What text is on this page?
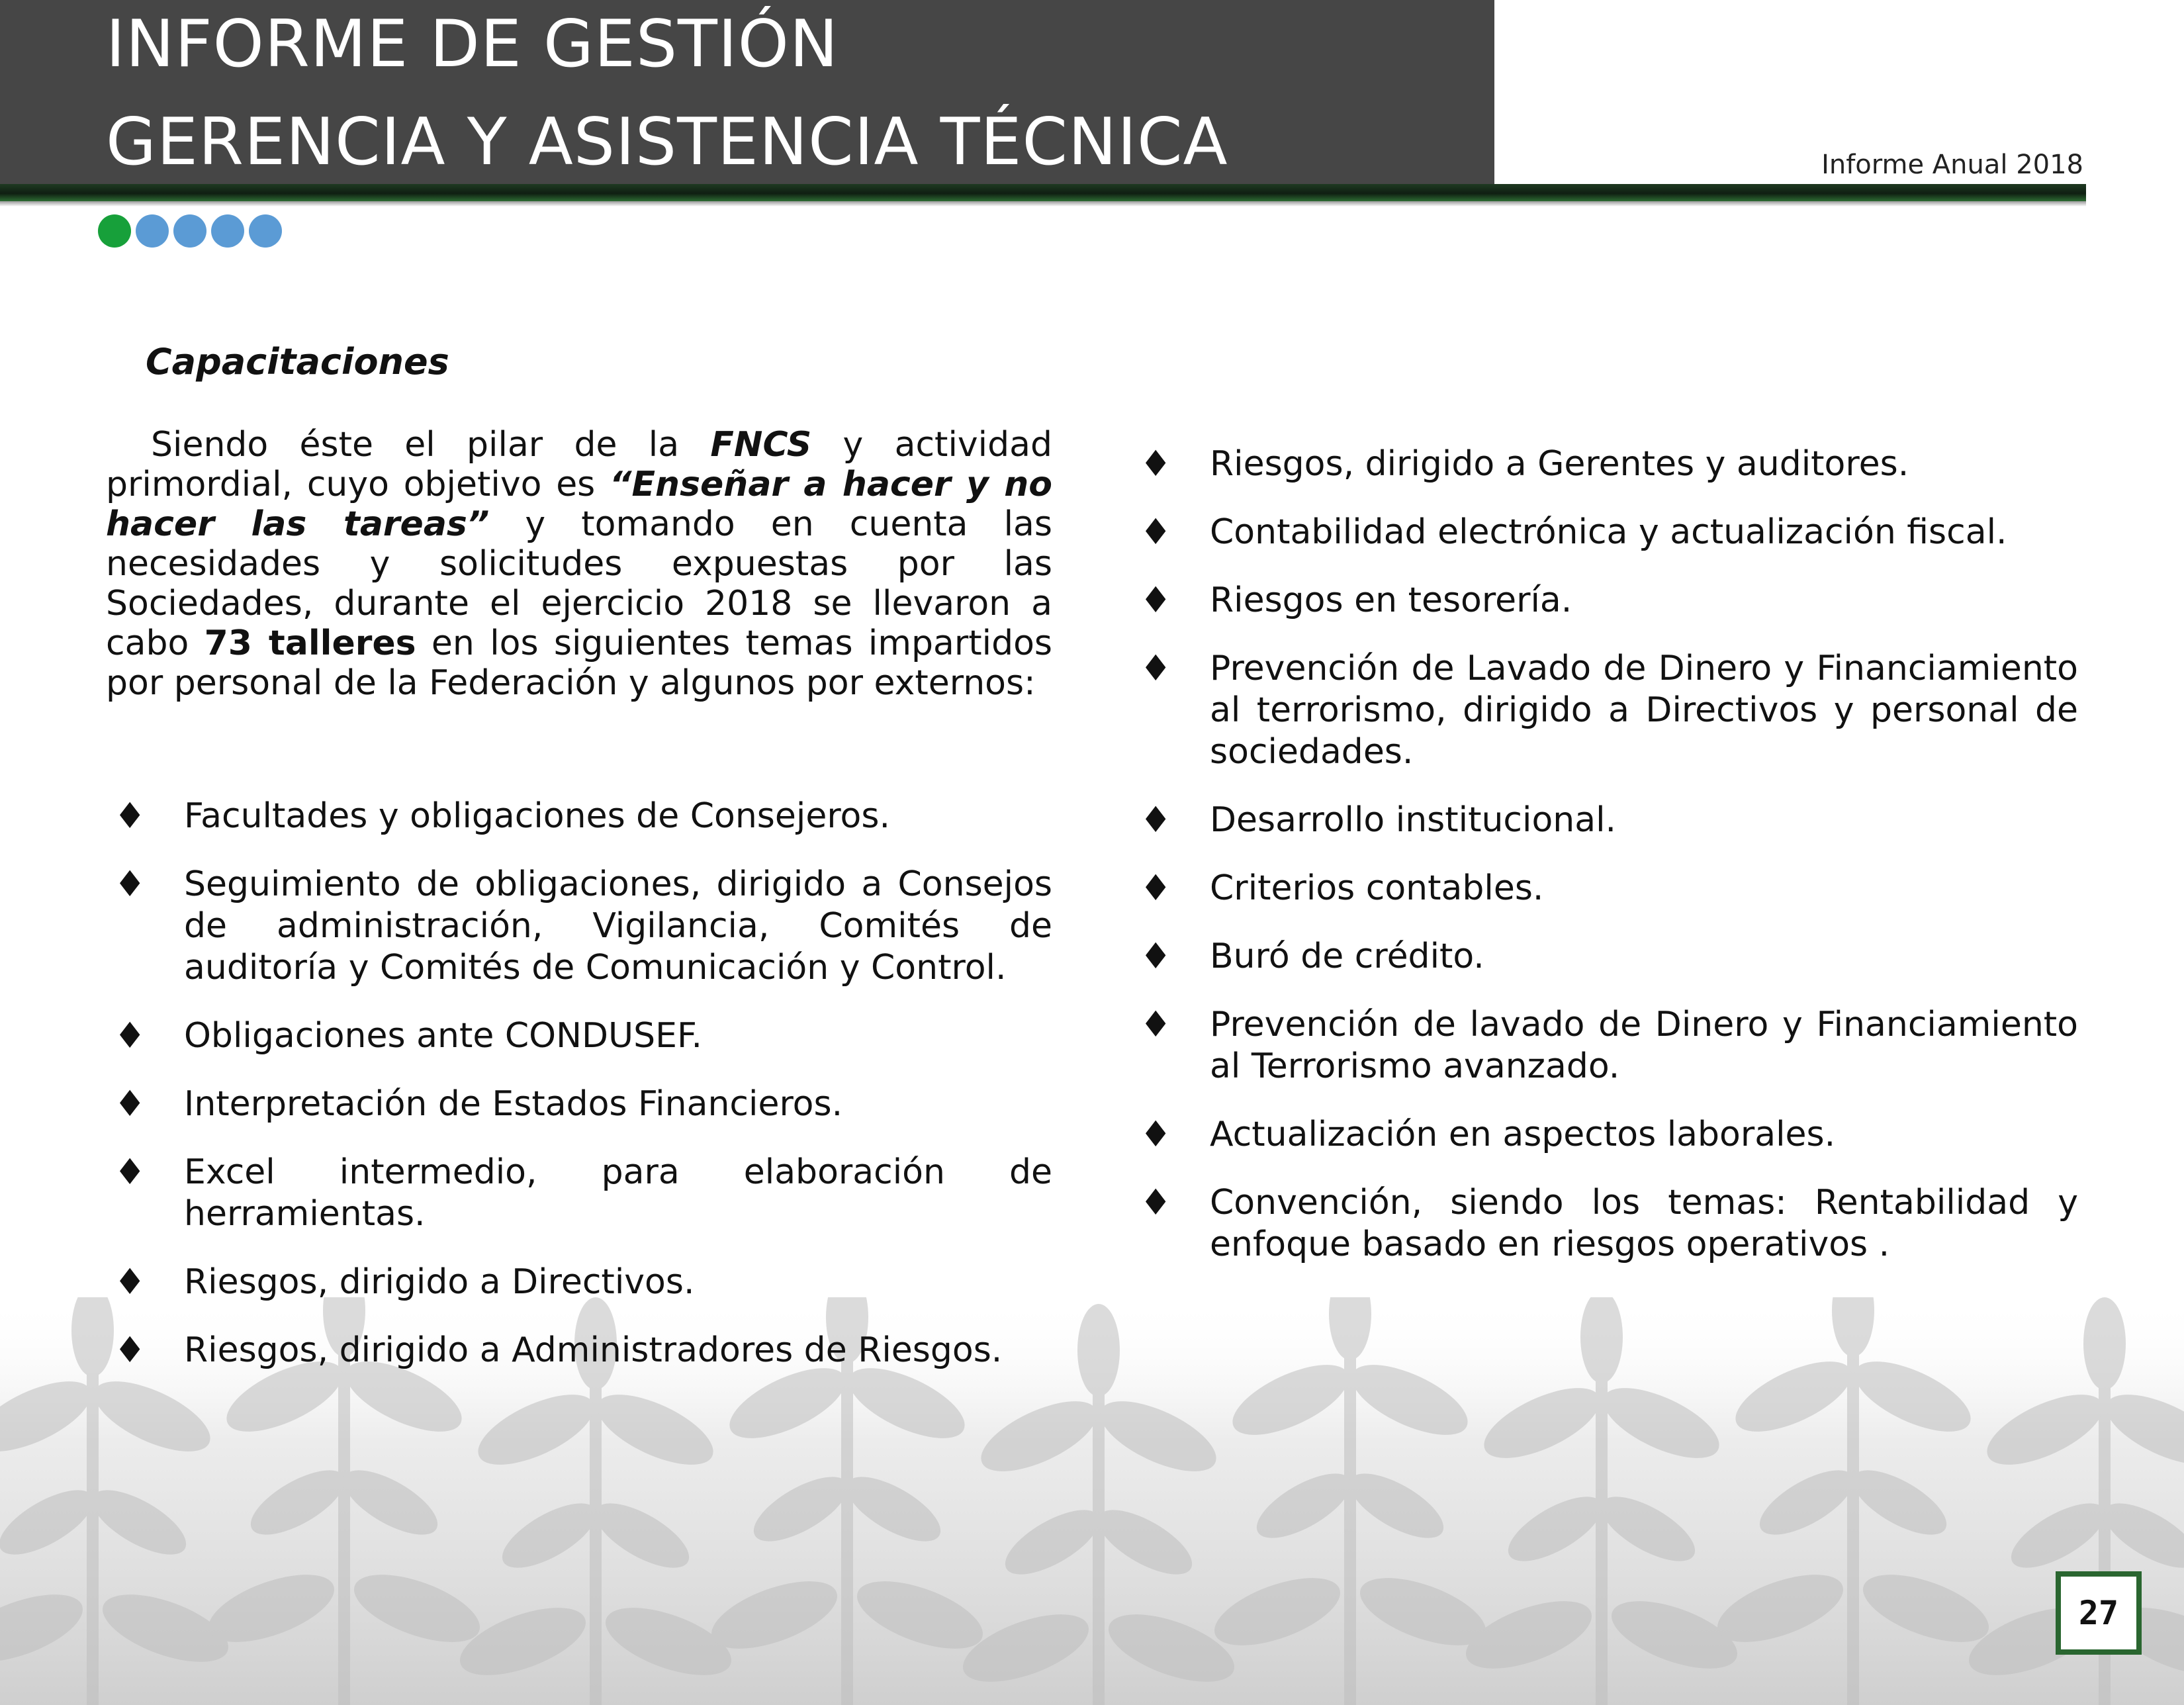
INFORME DE GESTIÓN
GERENCIA Y ASISTENCIA TÉCNICA	Informe Anual 2018
Capacitaciones

Siendo éste el pilar de la FNCS y actividad primordial, cuyo objetivo es “Enseñar a hacer y no hacer las tareas” y tomando en cuenta las necesidades y solicitudes expuestas por las Sociedades, durante el ejercicio 2018 se llevaron a cabo 73 talleres en los siguientes temas impartidos por personal de la Federación y algunos por externos:

♦ Facultades y obligaciones de Consejeros.
♦ Seguimiento de obligaciones, dirigido a Consejos de administración, Vigilancia, Comités de auditoría y Comités de Comunicación y Control.
♦ Obligaciones ante CONDUSEF.
♦ Interpretación de Estados Financieros.
♦ Excel intermedio, para elaboración de herramientas.
♦ Riesgos, dirigido a Directivos.
♦ Riesgos, dirigido a Administradores de Riesgos.
♦ Riesgos, dirigido a Gerentes y auditores.
♦ Contabilidad electrónica y actualización fiscal.
♦ Riesgos en tesorería.
♦ Prevención de Lavado de Dinero y Financiamiento al terrorismo, dirigido a Directivos y personal de sociedades.
♦ Desarrollo institucional.
♦ Criterios contables.
♦ Buró de crédito.
♦ Prevención de lavado de Dinero y Financiamiento al Terrorismo avanzado.
♦ Actualización en aspectos laborales.
♦ Convención, siendo los temas: Rentabilidad y enfoque basado en riesgos operativos .
27
